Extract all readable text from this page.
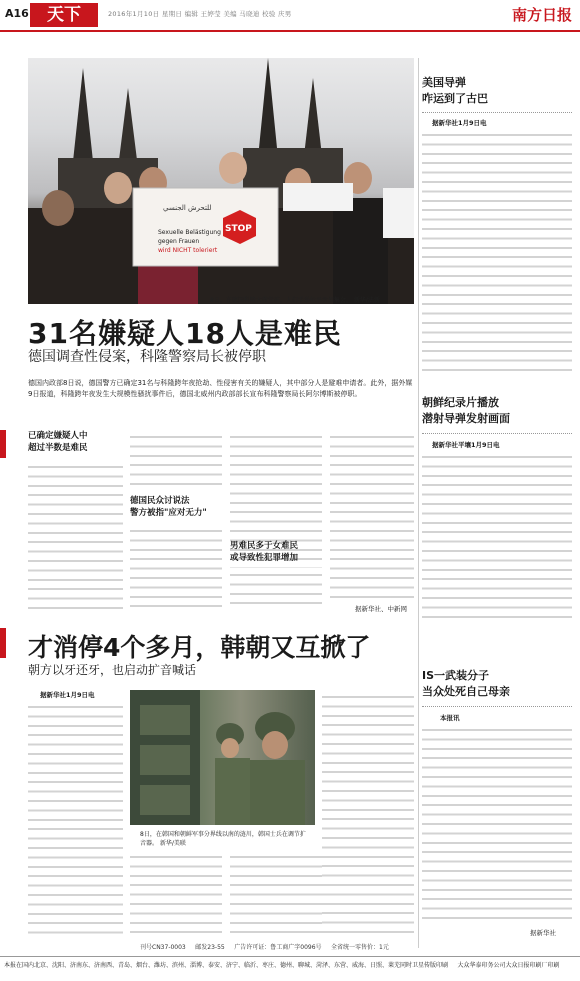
A16	天下	2016年1月10日 星期日 编辑 王婷莹 美编 马晓迪 校验 庆男	南方日报
للتحرش الجنسي
Sexuelle Belästigung
gegen Frauen
wird NICHT toleriert
STOP
8日，在德国科隆大教堂前，人们手举标语参加集会。 新华/法新
31名嫌疑人18人是难民
德国调查性侵案，科隆警察局长被停职
德国内政部8日说，德国警方已确定31名与科隆跨年夜抢劫、性侵害有关的嫌疑人，其中部分人是避难申请者。此外，据外媒9日报道，科隆跨年夜发生大规模性骚扰事件后，德国北威州内政部部长宣布科隆警察局长阿尔博斯被停职。
已确定嫌疑人中
超过半数是难民
德国民众讨说法
警方被指"应对无力"
男难民多于女难民
或导致性犯罪增加
据新华社、中新网
才消停4个多月，韩朝又互掀了
朝方以牙还牙，也启动扩音喊话
据新华社1月9日电
8日，在韩国和朝鲜军事分界线以南的涟川，韩国士兵在调节扩音器。 新华/美联
美国导弹
咋运到了古巴
据新华社1月9日电
朝鲜纪录片播放
潜射导弹发射画面
据新华社平壤1月9日电
IS一武装分子
当众处死自己母亲
本报讯
据新华社
刊号CN37-0003     邮发23-55     广告许可证：鲁工商广字0096号     全省统一零售价：1元
本报在国内北京、沈阳、济南东、济南西、青岛、烟台、潍坊、滨州、淄博、泰安、济宁、临沂、枣庄、德州、聊城、菏泽、东营、威海、日照、莱芜同时卫星传版印刷     大众华泰印务公司大众日报印刷厂印刷
